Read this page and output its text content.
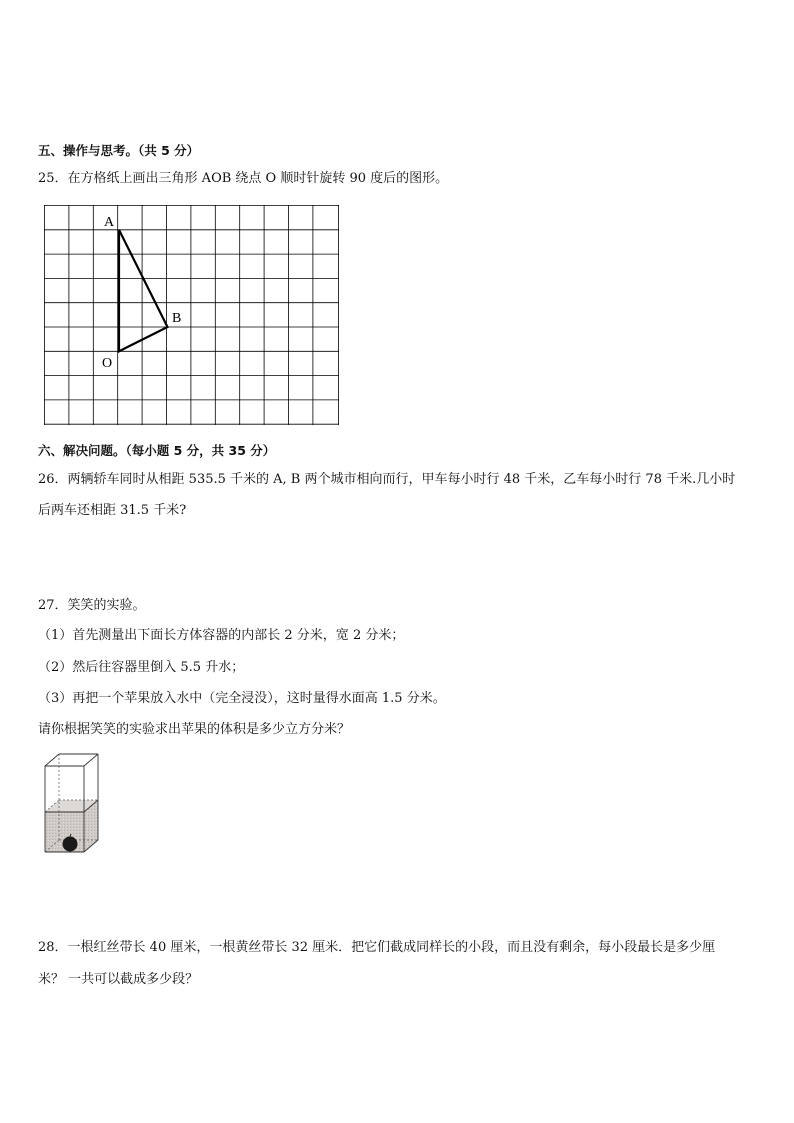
五、操作与思考。（共 5 分）
25．在方格纸上画出三角形 AOB 绕点 O 顺时针旋转 90 度后的图形。
A
B
O
六、解决问题。（每小题 5 分，共 35 分）
26．两辆轿车同时从相距 535.5 千米的 A, B 两个城市相向而行，甲车每小时行 48 千米，乙车每小时行 78 千米.几小时
后两车还相距 31.5 千米?
27．笑笑的实验。
（1）首先测量出下面长方体容器的内部长 2 分米，宽 2 分米；
（2）然后往容器里倒入 5.5 升水；
（3）再把一个苹果放入水中（完全浸没），这时量得水面高 1.5 分米。
请你根据笑笑的实验求出苹果的体积是多少立方分米？
28．一根红丝带长 40 厘米，一根黄丝带长 32 厘米．把它们截成同样长的小段，而且没有剩余，每小段最长是多少厘
米？ 一共可以截成多少段？
